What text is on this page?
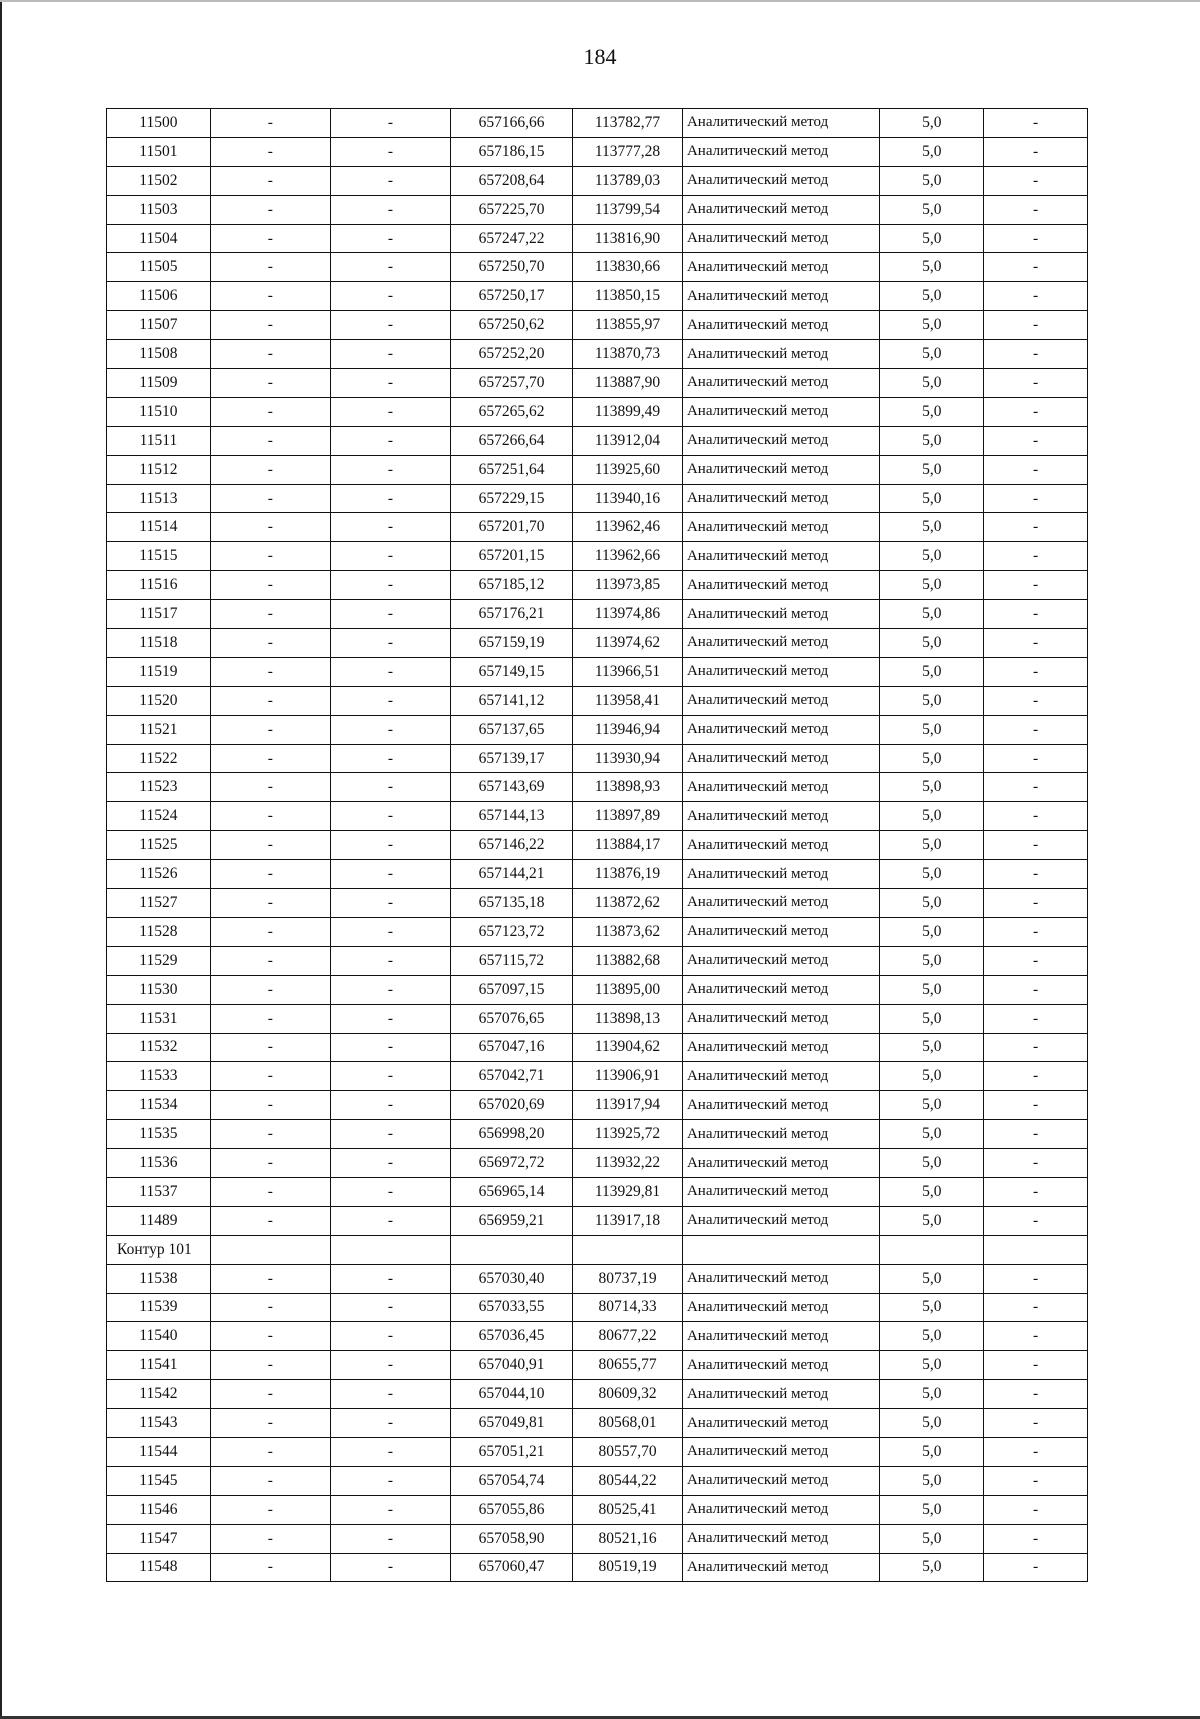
184
11500	-	-	657166,66	113782,77	Аналитический метод	5,0	-
11501	-	-	657186,15	113777,28	Аналитический метод	5,0	-
11502	-	-	657208,64	113789,03	Аналитический метод	5,0	-
11503	-	-	657225,70	113799,54	Аналитический метод	5,0	-
11504	-	-	657247,22	113816,90	Аналитический метод	5,0	-
11505	-	-	657250,70	113830,66	Аналитический метод	5,0	-
11506	-	-	657250,17	113850,15	Аналитический метод	5,0	-
11507	-	-	657250,62	113855,97	Аналитический метод	5,0	-
11508	-	-	657252,20	113870,73	Аналитический метод	5,0	-
11509	-	-	657257,70	113887,90	Аналитический метод	5,0	-
11510	-	-	657265,62	113899,49	Аналитический метод	5,0	-
11511	-	-	657266,64	113912,04	Аналитический метод	5,0	-
11512	-	-	657251,64	113925,60	Аналитический метод	5,0	-
11513	-	-	657229,15	113940,16	Аналитический метод	5,0	-
11514	-	-	657201,70	113962,46	Аналитический метод	5,0	-
11515	-	-	657201,15	113962,66	Аналитический метод	5,0	-
11516	-	-	657185,12	113973,85	Аналитический метод	5,0	-
11517	-	-	657176,21	113974,86	Аналитический метод	5,0	-
11518	-	-	657159,19	113974,62	Аналитический метод	5,0	-
11519	-	-	657149,15	113966,51	Аналитический метод	5,0	-
11520	-	-	657141,12	113958,41	Аналитический метод	5,0	-
11521	-	-	657137,65	113946,94	Аналитический метод	5,0	-
11522	-	-	657139,17	113930,94	Аналитический метод	5,0	-
11523	-	-	657143,69	113898,93	Аналитический метод	5,0	-
11524	-	-	657144,13	113897,89	Аналитический метод	5,0	-
11525	-	-	657146,22	113884,17	Аналитический метод	5,0	-
11526	-	-	657144,21	113876,19	Аналитический метод	5,0	-
11527	-	-	657135,18	113872,62	Аналитический метод	5,0	-
11528	-	-	657123,72	113873,62	Аналитический метод	5,0	-
11529	-	-	657115,72	113882,68	Аналитический метод	5,0	-
11530	-	-	657097,15	113895,00	Аналитический метод	5,0	-
11531	-	-	657076,65	113898,13	Аналитический метод	5,0	-
11532	-	-	657047,16	113904,62	Аналитический метод	5,0	-
11533	-	-	657042,71	113906,91	Аналитический метод	5,0	-
11534	-	-	657020,69	113917,94	Аналитический метод	5,0	-
11535	-	-	656998,20	113925,72	Аналитический метод	5,0	-
11536	-	-	656972,72	113932,22	Аналитический метод	5,0	-
11537	-	-	656965,14	113929,81	Аналитический метод	5,0	-
11489	-	-	656959,21	113917,18	Аналитический метод	5,0	-
Контур 101							
11538	-	-	657030,40	80737,19	Аналитический метод	5,0	-
11539	-	-	657033,55	80714,33	Аналитический метод	5,0	-
11540	-	-	657036,45	80677,22	Аналитический метод	5,0	-
11541	-	-	657040,91	80655,77	Аналитический метод	5,0	-
11542	-	-	657044,10	80609,32	Аналитический метод	5,0	-
11543	-	-	657049,81	80568,01	Аналитический метод	5,0	-
11544	-	-	657051,21	80557,70	Аналитический метод	5,0	-
11545	-	-	657054,74	80544,22	Аналитический метод	5,0	-
11546	-	-	657055,86	80525,41	Аналитический метод	5,0	-
11547	-	-	657058,90	80521,16	Аналитический метод	5,0	-
11548	-	-	657060,47	80519,19	Аналитический метод	5,0	-
